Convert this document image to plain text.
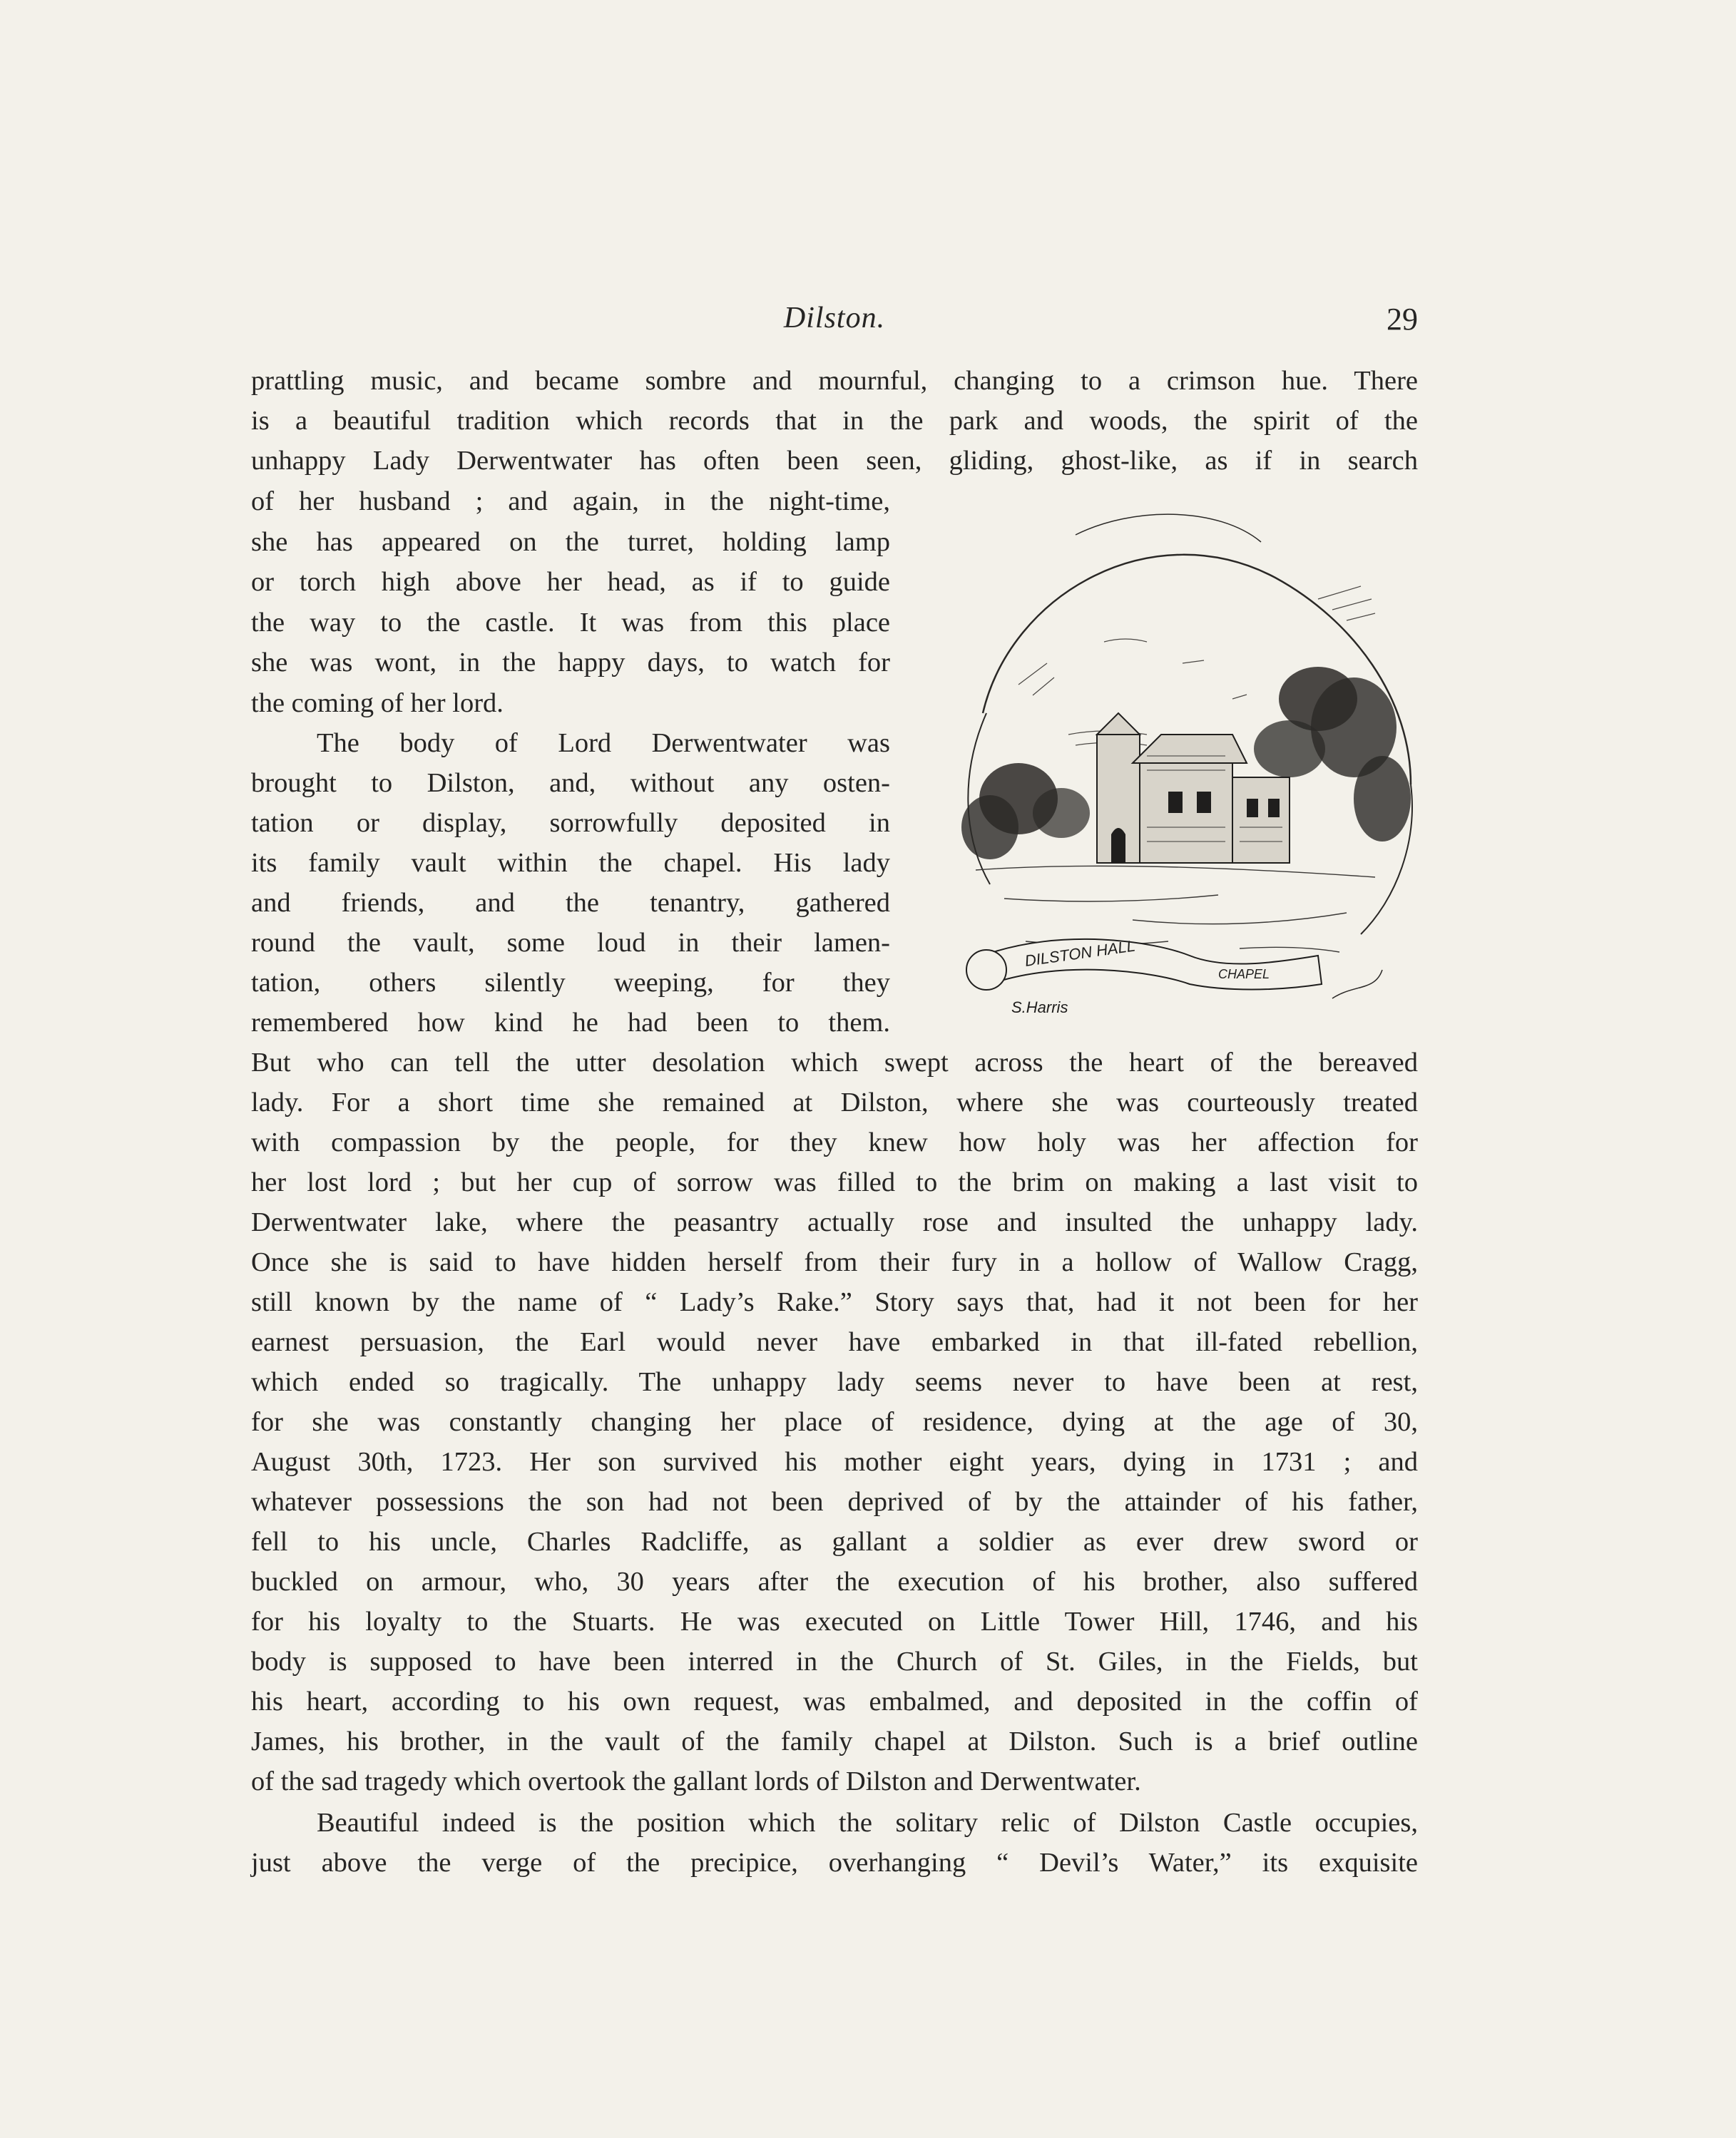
Dilston.	29
prattling music, and became sombre and mournful, changing to a crimson hue. There
is a beautiful tradition which records that in the park and woods, the spirit of the
unhappy Lady Derwentwater has often been seen, gliding, ghost-like, as if in search
of her husband ; and again, in the night-time,
she has appeared on the turret, holding lamp
or torch high above her head, as if to guide
the way to the castle. It was from this place
she was wont, in the happy days, to watch for
the coming of her lord.
The body of Lord Derwentwater was
brought to Dilston, and, without any osten-
tation or display, sorrowfully deposited in
its family vault within the chapel. His lady
and friends, and the tenantry, gathered
round the vault, some loud in their lamen-
tation, others silently weeping, for they
remembered how kind he had been to them.
But who can tell the utter desolation which swept across the heart of the bereaved
lady. For a short time she remained at Dilston, where she was courteously treated
with compassion by the people, for they knew how holy was her affection for
her lost lord ; but her cup of sorrow was filled to the brim on making a last visit to
Derwentwater lake, where the peasantry actually rose and insulted the unhappy lady.
Once she is said to have hidden herself from their fury in a hollow of Wallow Cragg,
still known by the name of “ Lady’s Rake.” Story says that, had it not been for her
earnest persuasion, the Earl would never have embarked in that ill-fated rebellion,
which ended so tragically. The unhappy lady seems never to have been at rest,
for she was constantly changing her place of residence, dying at the age of 30,
August 30th, 1723. Her son survived his mother eight years, dying in 1731 ; and
whatever possessions the son had not been deprived of by the attainder of his father,
fell to his uncle, Charles Radcliffe, as gallant a soldier as ever drew sword or
buckled on armour, who, 30 years after the execution of his brother, also suffered
for his loyalty to the Stuarts. He was executed on Little Tower Hill, 1746, and his
body is supposed to have been interred in the Church of St. Giles, in the Fields, but
his heart, according to his own request, was embalmed, and deposited in the coffin of
James, his brother, in the vault of the family chapel at Dilston. Such is a brief outline
of the sad tragedy which overtook the gallant lords of Dilston and Derwentwater.
Beautiful indeed is the position which the solitary relic of Dilston Castle occupies,
just above the verge of the precipice, overhanging “ Devil’s Water,” its exquisite
DILSTON HALL
CHAPEL
S.Harris
